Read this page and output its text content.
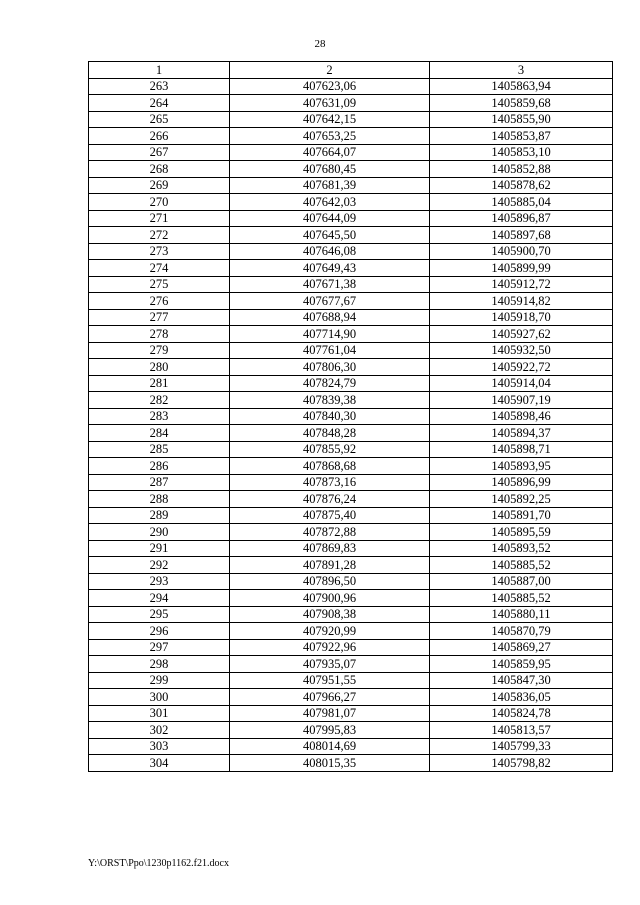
28
1	2	3
263	407623,06	1405863,94
264	407631,09	1405859,68
265	407642,15	1405855,90
266	407653,25	1405853,87
267	407664,07	1405853,10
268	407680,45	1405852,88
269	407681,39	1405878,62
270	407642,03	1405885,04
271	407644,09	1405896,87
272	407645,50	1405897,68
273	407646,08	1405900,70
274	407649,43	1405899,99
275	407671,38	1405912,72
276	407677,67	1405914,82
277	407688,94	1405918,70
278	407714,90	1405927,62
279	407761,04	1405932,50
280	407806,30	1405922,72
281	407824,79	1405914,04
282	407839,38	1405907,19
283	407840,30	1405898,46
284	407848,28	1405894,37
285	407855,92	1405898,71
286	407868,68	1405893,95
287	407873,16	1405896,99
288	407876,24	1405892,25
289	407875,40	1405891,70
290	407872,88	1405895,59
291	407869,83	1405893,52
292	407891,28	1405885,52
293	407896,50	1405887,00
294	407900,96	1405885,52
295	407908,38	1405880,11
296	407920,99	1405870,79
297	407922,96	1405869,27
298	407935,07	1405859,95
299	407951,55	1405847,30
300	407966,27	1405836,05
301	407981,07	1405824,78
302	407995,83	1405813,57
303	408014,69	1405799,33
304	408015,35	1405798,82
Y:\ORST\Ppo\1230p1162.f21.docx
